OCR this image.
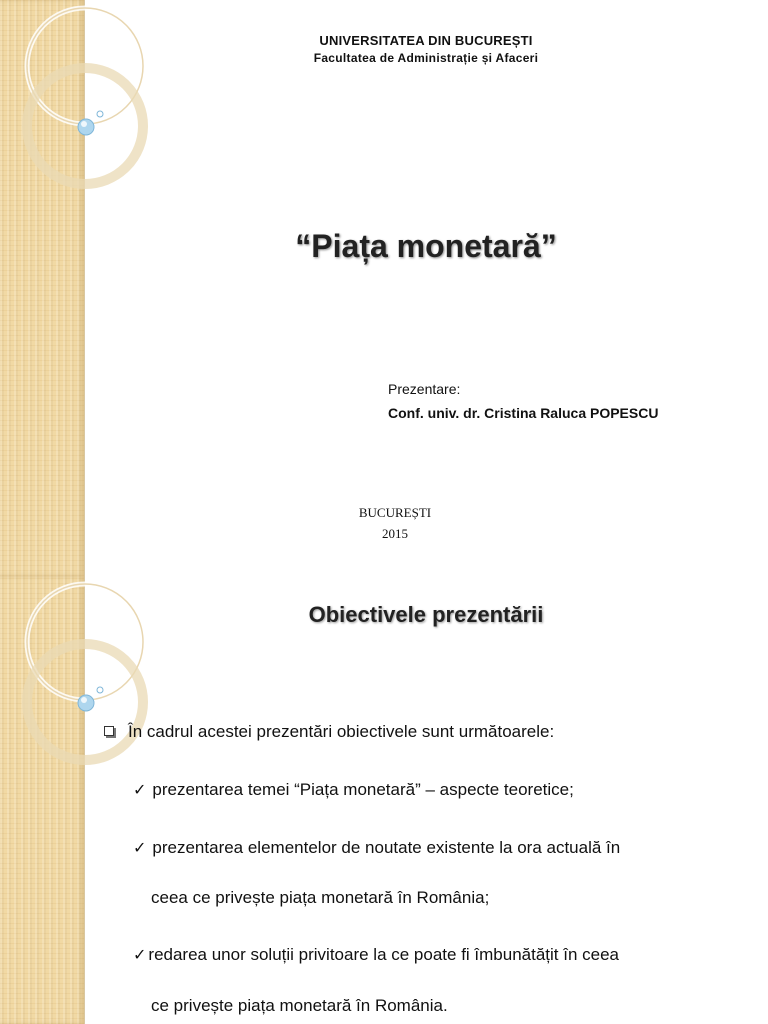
UNIVERSITATEA DIN BUCUREȘTI
Facultatea de Administrație și Afaceri
“Piața monetară”
Prezentare:
Conf. univ. dr. Cristina Raluca POPESCU
BUCUREȘTI
2015
Obiectivele prezentării
În cadrul acestei prezentări obiectivele sunt următoarele:
✓ prezentarea temei “Piața monetară” – aspecte teoretice;
✓ prezentarea elementelor de noutate existente la ora actuală în
ceea ce privește piața monetară în România;
✓ redarea unor soluții privitoare la ce poate fi îmbunătățit în ceea
ce privește piața monetară în România.
